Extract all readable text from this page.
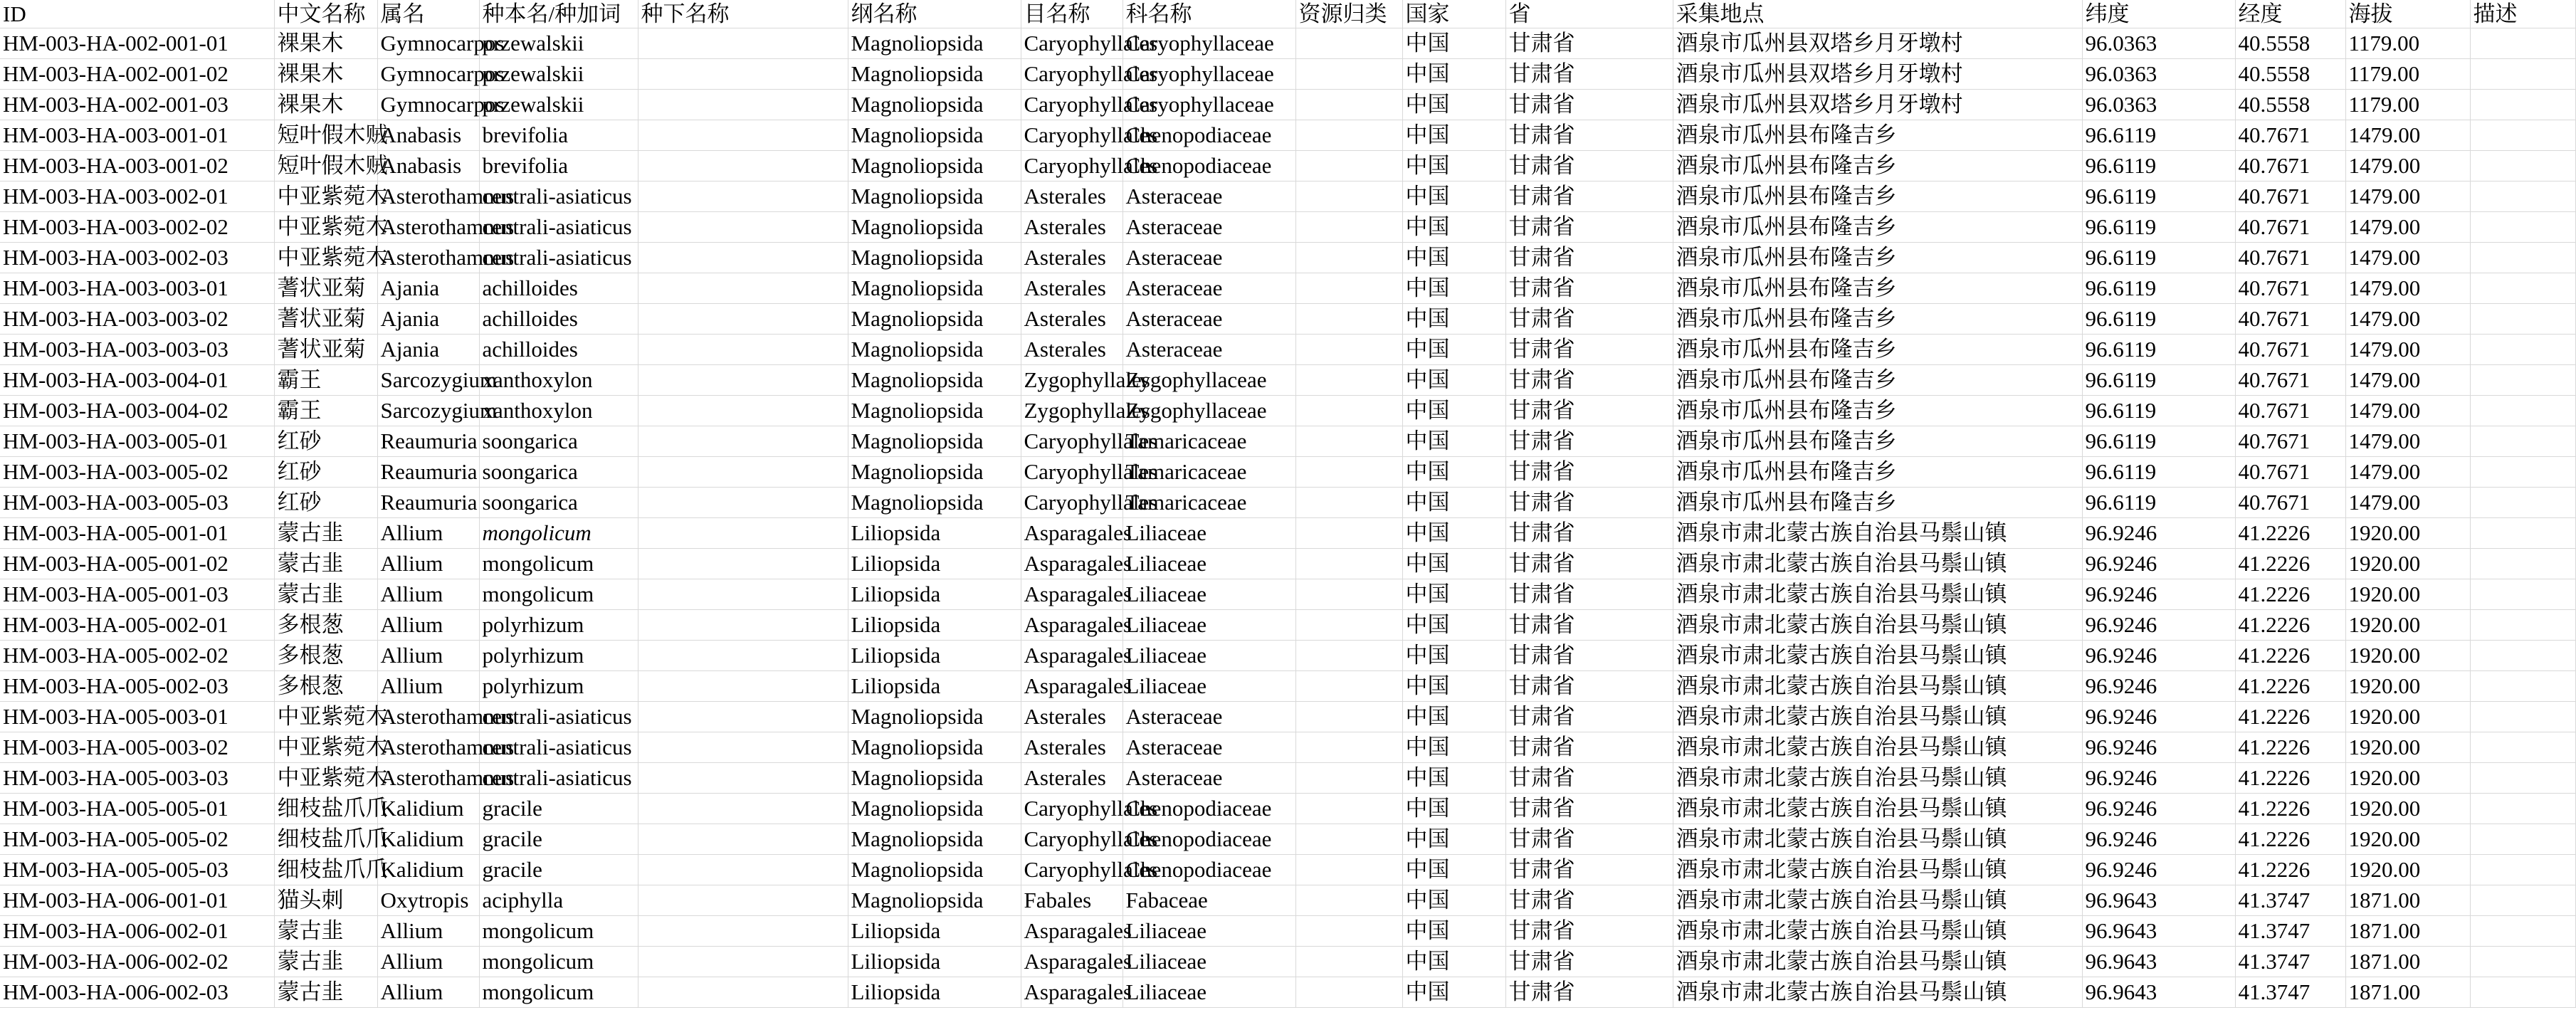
ID	中文名称	属名	种本名/种加词	种下名称	纲名称	目名称	科名称	资源归类	国家	省	采集地点	纬度	经度	海拔	描述
HM-003-HA-002-001-01	裸果木	Gymnocarpos	przewalskii		Magnoliopsida	Caryophyllales	Caryophyllaceae		中国	甘肃省	酒泉市瓜州县双塔乡月牙墩村	96.0363	40.5558	1179.00	
HM-003-HA-002-001-02	裸果木	Gymnocarpos	przewalskii		Magnoliopsida	Caryophyllales	Caryophyllaceae		中国	甘肃省	酒泉市瓜州县双塔乡月牙墩村	96.0363	40.5558	1179.00	
HM-003-HA-002-001-03	裸果木	Gymnocarpos	przewalskii		Magnoliopsida	Caryophyllales	Caryophyllaceae		中国	甘肃省	酒泉市瓜州县双塔乡月牙墩村	96.0363	40.5558	1179.00	
HM-003-HA-003-001-01	短叶假木贼	Anabasis	brevifolia		Magnoliopsida	Caryophyllales	Chenopodiaceae		中国	甘肃省	酒泉市瓜州县布隆吉乡	96.6119	40.7671	1479.00	
HM-003-HA-003-001-02	短叶假木贼	Anabasis	brevifolia		Magnoliopsida	Caryophyllales	Chenopodiaceae		中国	甘肃省	酒泉市瓜州县布隆吉乡	96.6119	40.7671	1479.00	
HM-003-HA-003-002-01	中亚紫菀木	Asterothamnus	centrali-asiaticus		Magnoliopsida	Asterales	Asteraceae		中国	甘肃省	酒泉市瓜州县布隆吉乡	96.6119	40.7671	1479.00	
HM-003-HA-003-002-02	中亚紫菀木	Asterothamnus	centrali-asiaticus		Magnoliopsida	Asterales	Asteraceae		中国	甘肃省	酒泉市瓜州县布隆吉乡	96.6119	40.7671	1479.00	
HM-003-HA-003-002-03	中亚紫菀木	Asterothamnus	centrali-asiaticus		Magnoliopsida	Asterales	Asteraceae		中国	甘肃省	酒泉市瓜州县布隆吉乡	96.6119	40.7671	1479.00	
HM-003-HA-003-003-01	蓍状亚菊	Ajania	achilloides		Magnoliopsida	Asterales	Asteraceae		中国	甘肃省	酒泉市瓜州县布隆吉乡	96.6119	40.7671	1479.00	
HM-003-HA-003-003-02	蓍状亚菊	Ajania	achilloides		Magnoliopsida	Asterales	Asteraceae		中国	甘肃省	酒泉市瓜州县布隆吉乡	96.6119	40.7671	1479.00	
HM-003-HA-003-003-03	蓍状亚菊	Ajania	achilloides		Magnoliopsida	Asterales	Asteraceae		中国	甘肃省	酒泉市瓜州县布隆吉乡	96.6119	40.7671	1479.00	
HM-003-HA-003-004-01	霸王	Sarcozygium	xanthoxylon		Magnoliopsida	Zygophyllales	Zygophyllaceae		中国	甘肃省	酒泉市瓜州县布隆吉乡	96.6119	40.7671	1479.00	
HM-003-HA-003-004-02	霸王	Sarcozygium	xanthoxylon		Magnoliopsida	Zygophyllales	Zygophyllaceae		中国	甘肃省	酒泉市瓜州县布隆吉乡	96.6119	40.7671	1479.00	
HM-003-HA-003-005-01	红砂	Reaumuria	soongarica		Magnoliopsida	Caryophyllales	Tamaricaceae		中国	甘肃省	酒泉市瓜州县布隆吉乡	96.6119	40.7671	1479.00	
HM-003-HA-003-005-02	红砂	Reaumuria	soongarica		Magnoliopsida	Caryophyllales	Tamaricaceae		中国	甘肃省	酒泉市瓜州县布隆吉乡	96.6119	40.7671	1479.00	
HM-003-HA-003-005-03	红砂	Reaumuria	soongarica		Magnoliopsida	Caryophyllales	Tamaricaceae		中国	甘肃省	酒泉市瓜州县布隆吉乡	96.6119	40.7671	1479.00	
HM-003-HA-005-001-01	蒙古韭	Allium	mongolicum		Liliopsida	Asparagales	Liliaceae		中国	甘肃省	酒泉市肃北蒙古族自治县马鬃山镇	96.9246	41.2226	1920.00	
HM-003-HA-005-001-02	蒙古韭	Allium	mongolicum		Liliopsida	Asparagales	Liliaceae		中国	甘肃省	酒泉市肃北蒙古族自治县马鬃山镇	96.9246	41.2226	1920.00	
HM-003-HA-005-001-03	蒙古韭	Allium	mongolicum		Liliopsida	Asparagales	Liliaceae		中国	甘肃省	酒泉市肃北蒙古族自治县马鬃山镇	96.9246	41.2226	1920.00	
HM-003-HA-005-002-01	多根葱	Allium	polyrhizum		Liliopsida	Asparagales	Liliaceae		中国	甘肃省	酒泉市肃北蒙古族自治县马鬃山镇	96.9246	41.2226	1920.00	
HM-003-HA-005-002-02	多根葱	Allium	polyrhizum		Liliopsida	Asparagales	Liliaceae		中国	甘肃省	酒泉市肃北蒙古族自治县马鬃山镇	96.9246	41.2226	1920.00	
HM-003-HA-005-002-03	多根葱	Allium	polyrhizum		Liliopsida	Asparagales	Liliaceae		中国	甘肃省	酒泉市肃北蒙古族自治县马鬃山镇	96.9246	41.2226	1920.00	
HM-003-HA-005-003-01	中亚紫菀木	Asterothamnus	centrali-asiaticus		Magnoliopsida	Asterales	Asteraceae		中国	甘肃省	酒泉市肃北蒙古族自治县马鬃山镇	96.9246	41.2226	1920.00	
HM-003-HA-005-003-02	中亚紫菀木	Asterothamnus	centrali-asiaticus		Magnoliopsida	Asterales	Asteraceae		中国	甘肃省	酒泉市肃北蒙古族自治县马鬃山镇	96.9246	41.2226	1920.00	
HM-003-HA-005-003-03	中亚紫菀木	Asterothamnus	centrali-asiaticus		Magnoliopsida	Asterales	Asteraceae		中国	甘肃省	酒泉市肃北蒙古族自治县马鬃山镇	96.9246	41.2226	1920.00	
HM-003-HA-005-005-01	细枝盐爪爪	Kalidium	gracile		Magnoliopsida	Caryophyllales	Chenopodiaceae		中国	甘肃省	酒泉市肃北蒙古族自治县马鬃山镇	96.9246	41.2226	1920.00	
HM-003-HA-005-005-02	细枝盐爪爪	Kalidium	gracile		Magnoliopsida	Caryophyllales	Chenopodiaceae		中国	甘肃省	酒泉市肃北蒙古族自治县马鬃山镇	96.9246	41.2226	1920.00	
HM-003-HA-005-005-03	细枝盐爪爪	Kalidium	gracile		Magnoliopsida	Caryophyllales	Chenopodiaceae		中国	甘肃省	酒泉市肃北蒙古族自治县马鬃山镇	96.9246	41.2226	1920.00	
HM-003-HA-006-001-01	猫头刺	Oxytropis	aciphylla		Magnoliopsida	Fabales	Fabaceae		中国	甘肃省	酒泉市肃北蒙古族自治县马鬃山镇	96.9643	41.3747	1871.00	
HM-003-HA-006-002-01	蒙古韭	Allium	mongolicum		Liliopsida	Asparagales	Liliaceae		中国	甘肃省	酒泉市肃北蒙古族自治县马鬃山镇	96.9643	41.3747	1871.00	
HM-003-HA-006-002-02	蒙古韭	Allium	mongolicum		Liliopsida	Asparagales	Liliaceae		中国	甘肃省	酒泉市肃北蒙古族自治县马鬃山镇	96.9643	41.3747	1871.00	
HM-003-HA-006-002-03	蒙古韭	Allium	mongolicum		Liliopsida	Asparagales	Liliaceae		中国	甘肃省	酒泉市肃北蒙古族自治县马鬃山镇	96.9643	41.3747	1871.00	
